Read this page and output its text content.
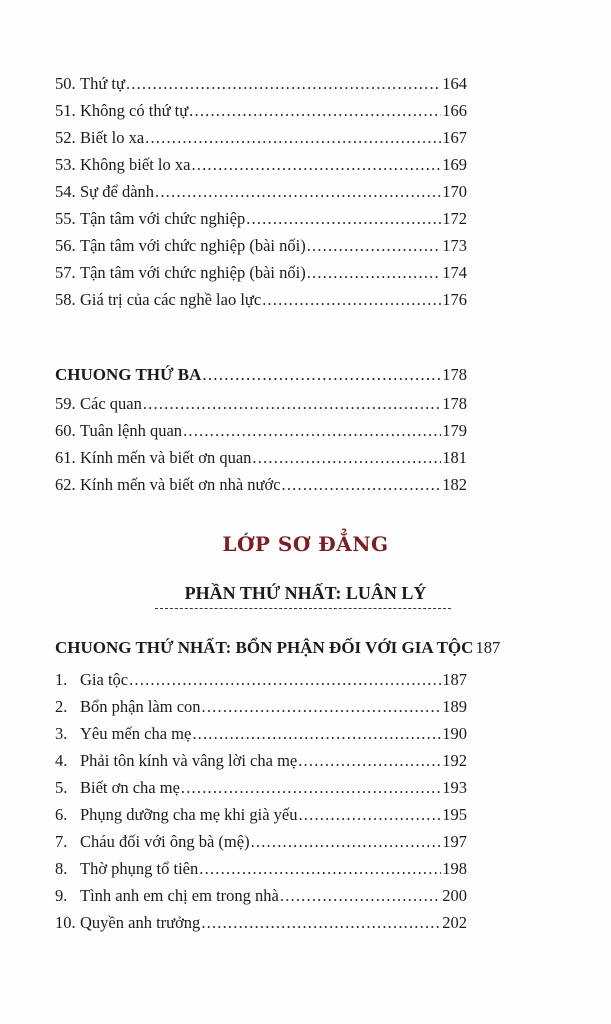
50. Thứ tự .....	164
51. Không có thứ tự .....	166
52. Biết lo xa .....	167
53. Không biết lo xa .....	169
54. Sự để dành .....	170
55. Tận tâm với chức nghiệp .....	172
56. Tận tâm với chức nghiệp (bài nối) .....	173
57. Tận tâm với chức nghiệp (bài nối) .....	174
58. Giá trị của các nghề lao lực .....	176
CHUONG THỨ BA .....	178
59. Các quan .....	178
60. Tuân lệnh quan .....	179
61. Kính mến và biết ơn quan .....	181
62. Kính mến và biết ơn nhà nước .....	182
LỚP SƠ ĐẲNG
PHẦN THỨ NHẤT: LUÂN LÝ
CHUONG THỨ NHẤT: BỔN PHẬN ĐỐI VỚI GIA TỘC 187
1. Gia tộc .....	187
2. Bổn phận làm con .....	189
3. Yêu mến cha mẹ .....	190
4. Phải tôn kính và vâng lời cha mẹ .....	192
5. Biết ơn cha mẹ .....	193
6. Phụng dưỡng cha mẹ khi già yếu .....	195
7. Cháu đối với ông bà (mệ) .....	197
8. Thờ phụng tổ tiên .....	198
9. Tình anh em chị em trong nhà .....	200
10. Quyền anh trưởng .....	202
